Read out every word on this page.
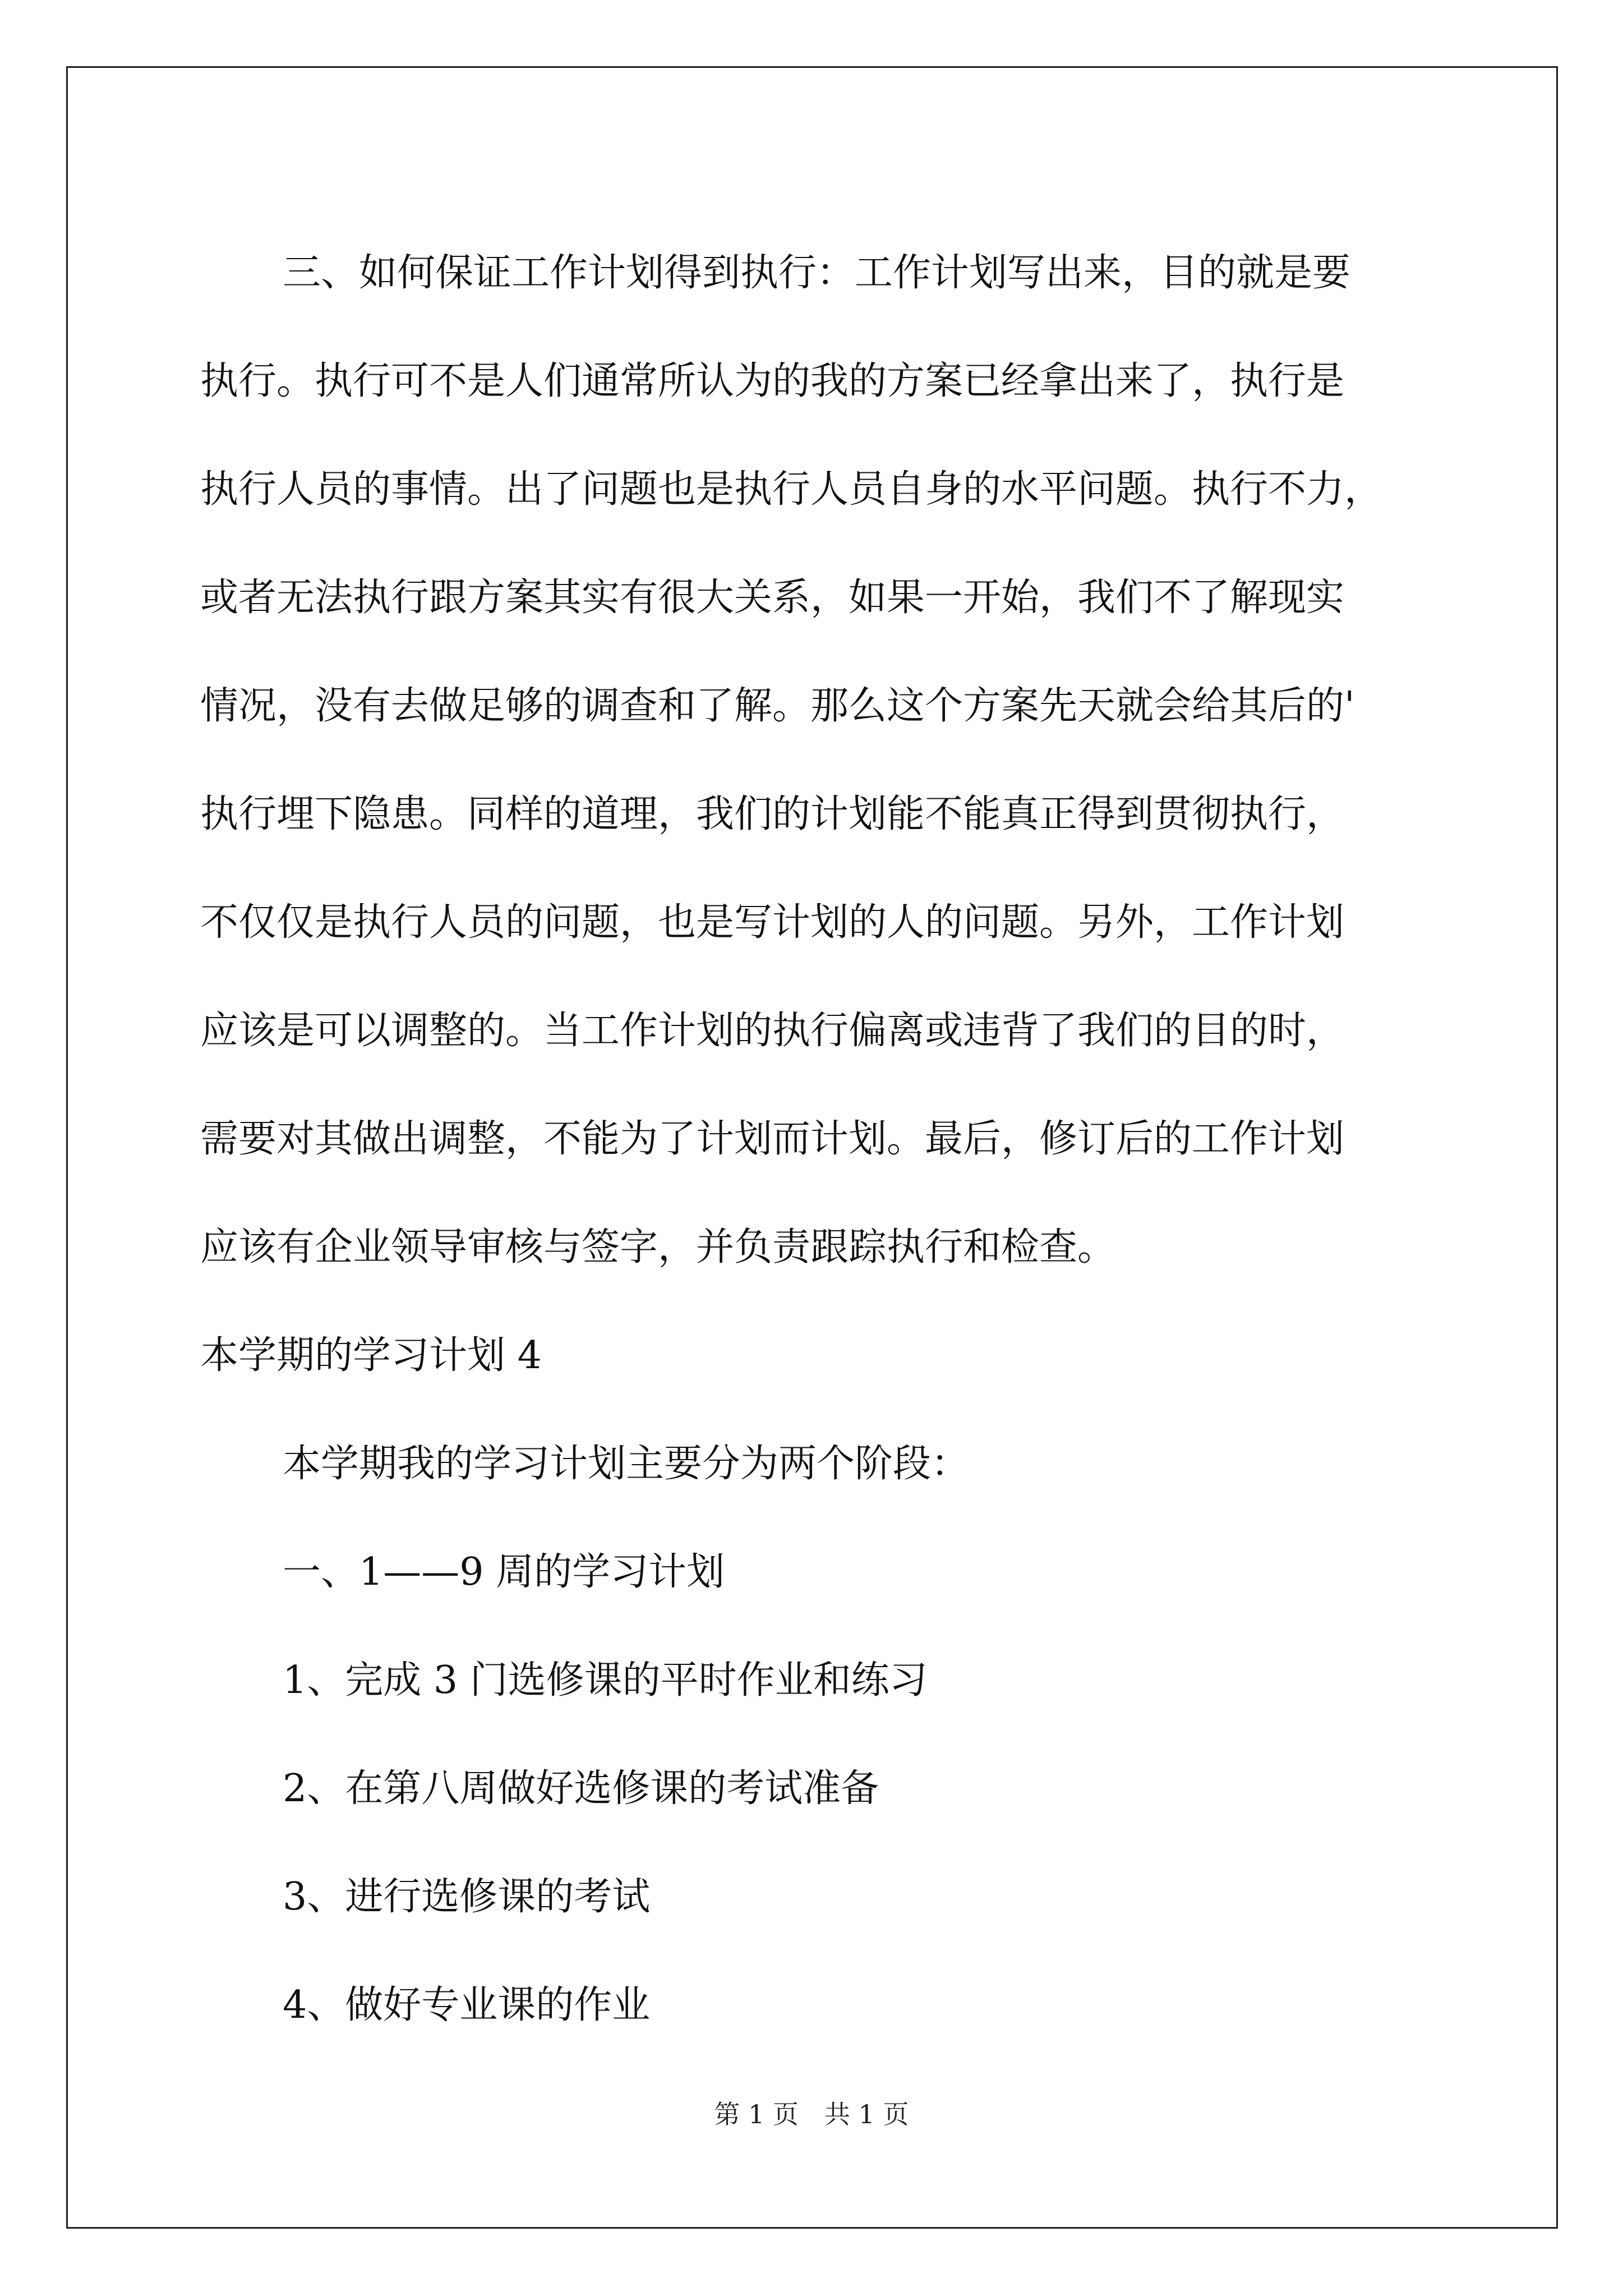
三、如何保证工作计划得到执行：工作计划写出来，目的就是要
执行。执行可不是人们通常所认为的我的方案已经拿出来了，执行是
执行人员的事情。出了问题也是执行人员自身的水平问题。执行不力，
或者无法执行跟方案其实有很大关系，如果一开始，我们不了解现实
情况，没有去做足够的调查和了解。那么这个方案先天就会给其后的'
执行埋下隐患。同样的道理，我们的计划能不能真正得到贯彻执行，
不仅仅是执行人员的问题，也是写计划的人的问题。另外，工作计划
应该是可以调整的。当工作计划的执行偏离或违背了我们的目的时，
需要对其做出调整，不能为了计划而计划。最后，修订后的工作计划
应该有企业领导审核与签字，并负责跟踪执行和检查。
本学期的学习计划 4
本学期我的学习计划主要分为两个阶段：
一、1——9 周的学习计划
1、完成 3 门选修课的平时作业和练习
2、在第八周做好选修课的考试准备
3、进行选修课的考试
4、做好专业课的作业
第 1 页　共 1 页
